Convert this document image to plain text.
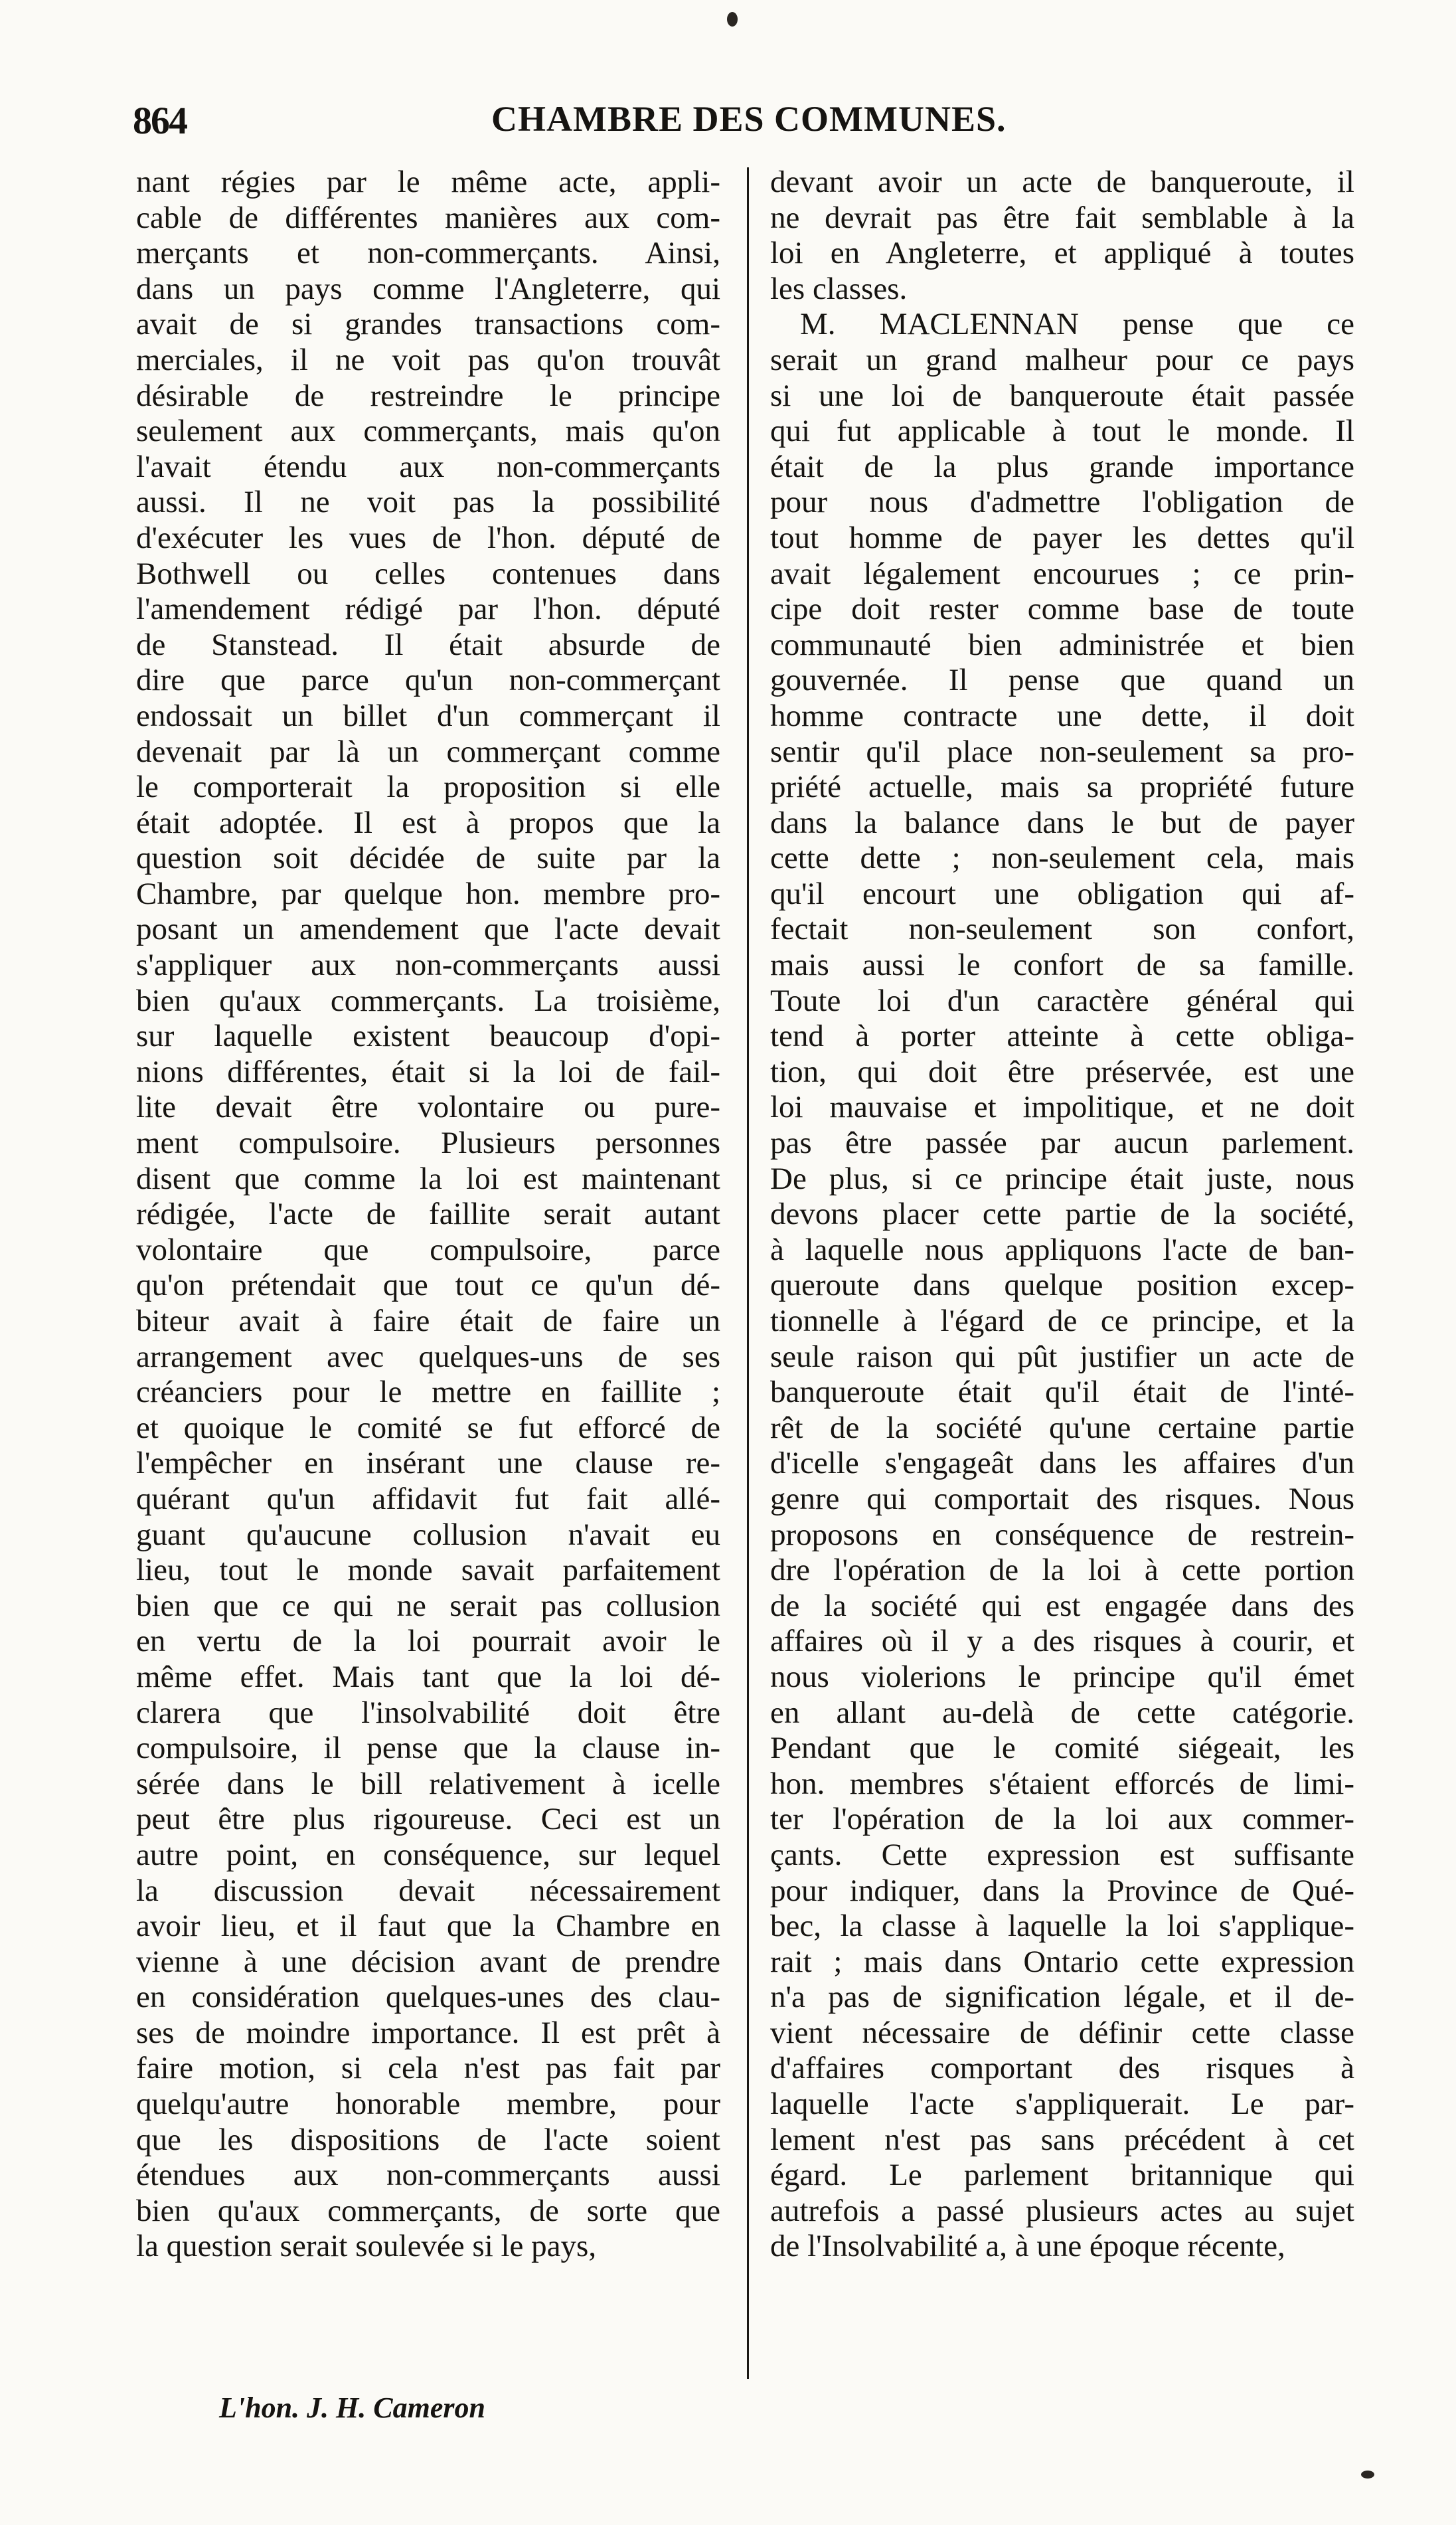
864	CHAMBRE DES COMMUNES.
nant régies par le même acte, appli-
cable de différentes manières aux com-
merçants et non-commerçants. Ainsi,
dans un pays comme l'Angleterre, qui
avait de si grandes transactions com-
merciales, il ne voit pas qu'on trouvât
désirable de restreindre le principe
seulement aux commerçants, mais qu'on
l'avait étendu aux non-commerçants
aussi. Il ne voit pas la possibilité
d'exécuter les vues de l'hon. député de
Bothwell ou celles contenues dans
l'amendement rédigé par l'hon. député
de Stanstead. Il était absurde de
dire que parce qu'un non-commerçant
endossait un billet d'un commerçant il
devenait par là un commerçant comme
le comporterait la proposition si elle
était adoptée. Il est à propos que la
question soit décidée de suite par la
Chambre, par quelque hon. membre pro-
posant un amendement que l'acte devait
s'appliquer aux non-commerçants aussi
bien qu'aux commerçants. La troisième,
sur laquelle existent beaucoup d'opi-
nions différentes, était si la loi de fail-
lite devait être volontaire ou pure-
ment compulsoire. Plusieurs personnes
disent que comme la loi est maintenant
rédigée, l'acte de faillite serait autant
volontaire que compulsoire, parce
qu'on prétendait que tout ce qu'un dé-
biteur avait à faire était de faire un
arrangement avec quelques-uns de ses
créanciers pour le mettre en faillite ;
et quoique le comité se fut efforcé de
l'empêcher en insérant une clause re-
quérant qu'un affidavit fut fait allé-
guant qu'aucune collusion n'avait eu
lieu, tout le monde savait parfaitement
bien que ce qui ne serait pas collusion
en vertu de la loi pourrait avoir le
même effet. Mais tant que la loi dé-
clarera que l'insolvabilité doit être
compulsoire, il pense que la clause in-
sérée dans le bill relativement à icelle
peut être plus rigoureuse. Ceci est un
autre point, en conséquence, sur lequel
la discussion devait nécessairement
avoir lieu, et il faut que la Chambre en
vienne à une décision avant de prendre
en considération quelques-unes des clau-
ses de moindre importance. Il est prêt à
faire motion, si cela n'est pas fait par
quelqu'autre honorable membre, pour
que les dispositions de l'acte soient
étendues aux non-commerçants aussi
bien qu'aux commerçants, de sorte que
la question serait soulevée si le pays,
devant avoir un acte de banqueroute, il
ne devrait pas être fait semblable à la
loi en Angleterre, et appliqué à toutes
les classes.
M. MACLENNAN pense que ce
serait un grand malheur pour ce pays
si une loi de banqueroute était passée
qui fut applicable à tout le monde. Il
était de la plus grande importance
pour nous d'admettre l'obligation de
tout homme de payer les dettes qu'il
avait légalement encourues ; ce prin-
cipe doit rester comme base de toute
communauté bien administrée et bien
gouvernée. Il pense que quand un
homme contracte une dette, il doit
sentir qu'il place non-seulement sa pro-
priété actuelle, mais sa propriété future
dans la balance dans le but de payer
cette dette ; non-seulement cela, mais
qu'il encourt une obligation qui af-
fectait non-seulement son confort,
mais aussi le confort de sa famille.
Toute loi d'un caractère général qui
tend à porter atteinte à cette obliga-
tion, qui doit être préservée, est une
loi mauvaise et impolitique, et ne doit
pas être passée par aucun parlement.
De plus, si ce principe était juste, nous
devons placer cette partie de la société,
à laquelle nous appliquons l'acte de ban-
queroute dans quelque position excep-
tionnelle à l'égard de ce principe, et la
seule raison qui pût justifier un acte de
banqueroute était qu'il était de l'inté-
rêt de la société qu'une certaine partie
d'icelle s'engageât dans les affaires d'un
genre qui comportait des risques. Nous
proposons en conséquence de restrein-
dre l'opération de la loi à cette portion
de la société qui est engagée dans des
affaires où il y a des risques à courir, et
nous violerions le principe qu'il émet
en allant au-delà de cette catégorie.
Pendant que le comité siégeait, les
hon. membres s'étaient efforcés de limi-
ter l'opération de la loi aux commer-
çants. Cette expression est suffisante
pour indiquer, dans la Province de Qué-
bec, la classe à laquelle la loi s'applique-
rait ; mais dans Ontario cette expression
n'a pas de signification légale, et il de-
vient nécessaire de définir cette classe
d'affaires comportant des risques à
laquelle l'acte s'appliquerait. Le par-
lement n'est pas sans précédent à cet
égard. Le parlement britannique qui
autrefois a passé plusieurs actes au sujet
de l'Insolvabilité a, à une époque récente,
L'hon. J. H. Cameron
